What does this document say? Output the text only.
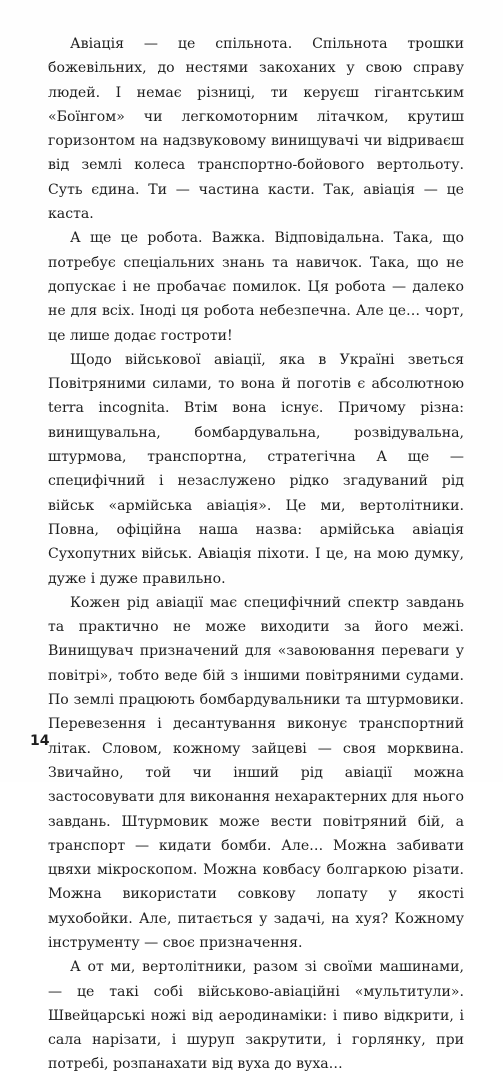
Авіація — це спільнота. Спільнота трошки божевільних, до нестями закоханих у свою справу людей. І немає різниці, ти керуєш гігантським «Боїнгом» чи легкомоторним літачком, крутиш горизонтом на надзвуковому винищувачі чи відриваєш від землі колеса транспортно-бойового вертольоту. Суть єдина. Ти — частина касти. Так, авіація — це каста.

А ще це робота. Важка. Відповідальна. Така, що потребує спеціальних знань та навичок. Така, що не допускає і не пробачає помилок. Ця робота — далеко не для всіх. Іноді ця робота небезпечна. Але це… чорт, це лише додає гостроти!

Щодо військової авіації, яка в Україні зветься Повітряними силами, то вона й поготів є абсолютною terra incognita. Втім вона існує. Причому різна: винищувальна, бомбардувальна, розвідувальна, штурмова, транспортна, стратегічна А ще — специфічний і незаслужено рідко згадуваний рід військ «армійська авіація». Це ми, вертолітники. Повна, офіційна наша назва: армійська авіація Сухопутних військ. Авіація піхоти. І це, на мою думку, дуже і дуже правильно.

Кожен рід авіації має специфічний спектр завдань та практично не може виходити за його межі. Винищувач призначений для «завоювання переваги у повітрі», тобто веде бій з іншими повітряними судами. По землі працюють бомбардувальники та штурмовики. Перевезення і десантування виконує транспортний літак. Словом, кожному зайцеві — своя морквина. Звичайно, той чи інший рід авіації можна застосовувати для виконання нехарактерних для нього завдань. Штурмовик може вести повітряний бій, а транспорт — кидати бомби. Але… Можна забивати цвяхи мікроскопом. Можна ковбасу болгаркою різати. Можна використати совкову лопату у якості мухобойки. Але, питається у задачі, на хуя? Кожному інструменту — своє призначення.

А от ми, вертолітники, разом зі своїми машинами, — це такі собі військово-авіаційні «мультитули». Швейцарські ножі від аеродинаміки: і пиво відкрити, і сала нарізати, і шуруп закрутити, і горлянку, при потребі, розпанахати від вуха до вуха…

14
